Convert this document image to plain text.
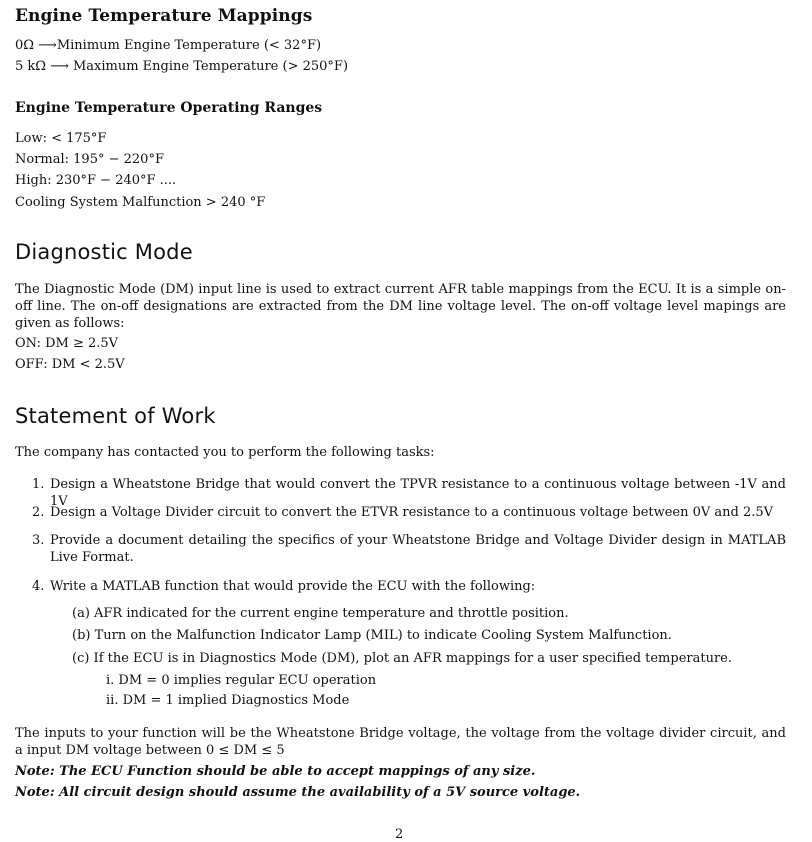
Engine Temperature Mappings
0Ω ⟶Minimum Engine Temperature (< 32°F)
5 kΩ ⟶ Maximum Engine Temperature (> 250°F)
Engine Temperature Operating Ranges
Low: < 175°F
Normal: 195° − 220°F
High: 230°F − 240°F ....
Cooling System Malfunction > 240 °F
Diagnostic Mode
The Diagnostic Mode (DM) input line is used to extract current AFR table mappings from the ECU. It is a simple on-off line. The on-off designations are extracted from the DM line voltage level. The on-off voltage level mapings are given as follows:
ON: DM ≥ 2.5V
OFF: DM < 2.5V
Statement of Work
The company has contacted you to perform the following tasks:
1. Design a Wheatstone Bridge that would convert the TPVR resistance to a continuous voltage between -1V and 1V
2. Design a Voltage Divider circuit to convert the ETVR resistance to a continuous voltage between 0V and 2.5V
3. Provide a document detailing the specifics of your Wheatstone Bridge and Voltage Divider design in MATLAB Live Format.
4. Write a MATLAB function that would provide the ECU with the following:
(a) AFR indicated for the current engine temperature and throttle position.
(b) Turn on the Malfunction Indicator Lamp (MIL) to indicate Cooling System Malfunction.
(c) If the ECU is in Diagnostics Mode (DM), plot an AFR mappings for a user specified temperature.
i. DM = 0 implies regular ECU operation
ii. DM = 1 implied Diagnostics Mode
The inputs to your function will be the Wheatstone Bridge voltage, the voltage from the voltage divider circuit, and a input DM voltage between 0 ≤ DM ≤ 5
Note: The ECU Function should be able to accept mappings of any size.
Note: All circuit design should assume the availability of a 5V source voltage.
2
